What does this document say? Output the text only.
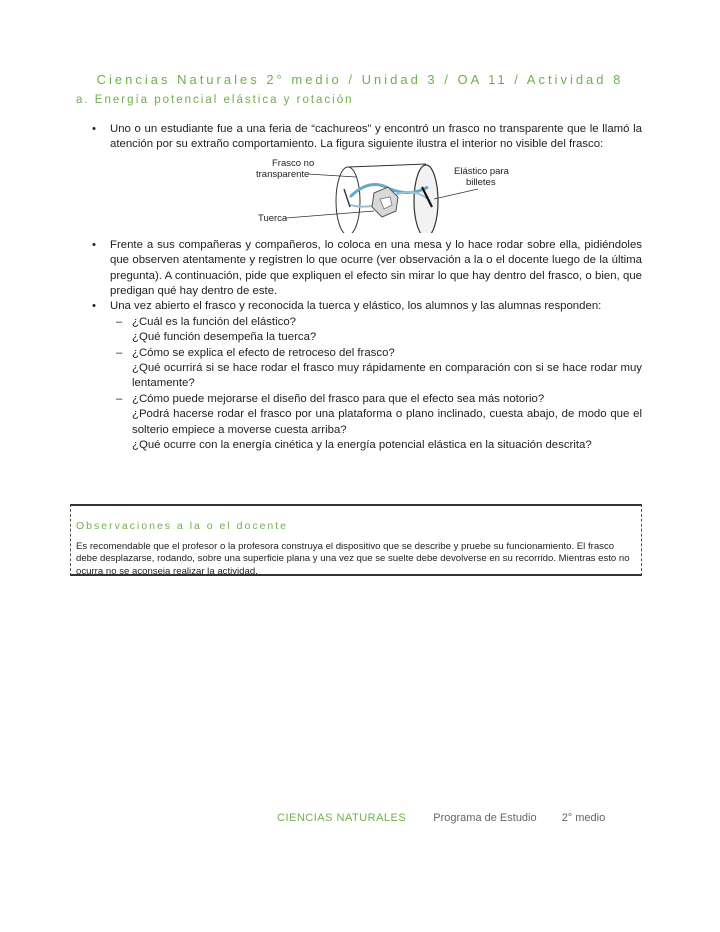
Ciencias Naturales 2° medio / Unidad 3 / OA 11 / Actividad 8
a. Energía potencial elástica y rotación
• Uno o un estudiante fue a una feria de “cachureos” y encontró un frasco no transparente que le llamó la atención por su extraño comportamiento. La figura siguiente ilustra el interior no visible del frasco:
Frasco no
transparente	Elástico para
billetes
Tuerca
• Frente a sus compañeras y compañeros, lo coloca en una mesa y lo hace rodar sobre ella, pidiéndoles que observen atentamente y registren lo que ocurre (ver observación a la o el docente luego de la última pregunta). A continuación, pide que expliquen el efecto sin mirar lo que hay dentro del frasco, o bien, que predigan qué hay dentro de este.
• Una vez abierto el frasco y reconocida la tuerca y elástico, los alumnos y las alumnas responden:
– ¿Cuál es la función del elástico?
¿Qué función desempeña la tuerca?
– ¿Cómo se explica el efecto de retroceso del frasco?
¿Qué ocurrirá si se hace rodar el frasco muy rápidamente en comparación con si se hace rodar muy lentamente?
– ¿Cómo puede mejorarse el diseño del frasco para que el efecto sea más notorio?
¿Podrá hacerse rodar el frasco por una plataforma o plano inclinado, cuesta abajo, de modo que el solterio empiece a moverse cuesta arriba?
¿Qué ocurre con la energía cinética y la energía potencial elástica en la situación descrita?
Observaciones a la o el docente
Es recomendable que el profesor o la profesora construya el dispositivo que se describe y pruebe su funcionamiento. El frasco debe desplazarse, rodando, sobre una superficie plana y una vez que se suelte debe devolverse en su recorrido. Mientras esto no ocurra no se aconseja realizar la actividad.
CIENCIAS NATURALES Programa de Estudio 2° medio
